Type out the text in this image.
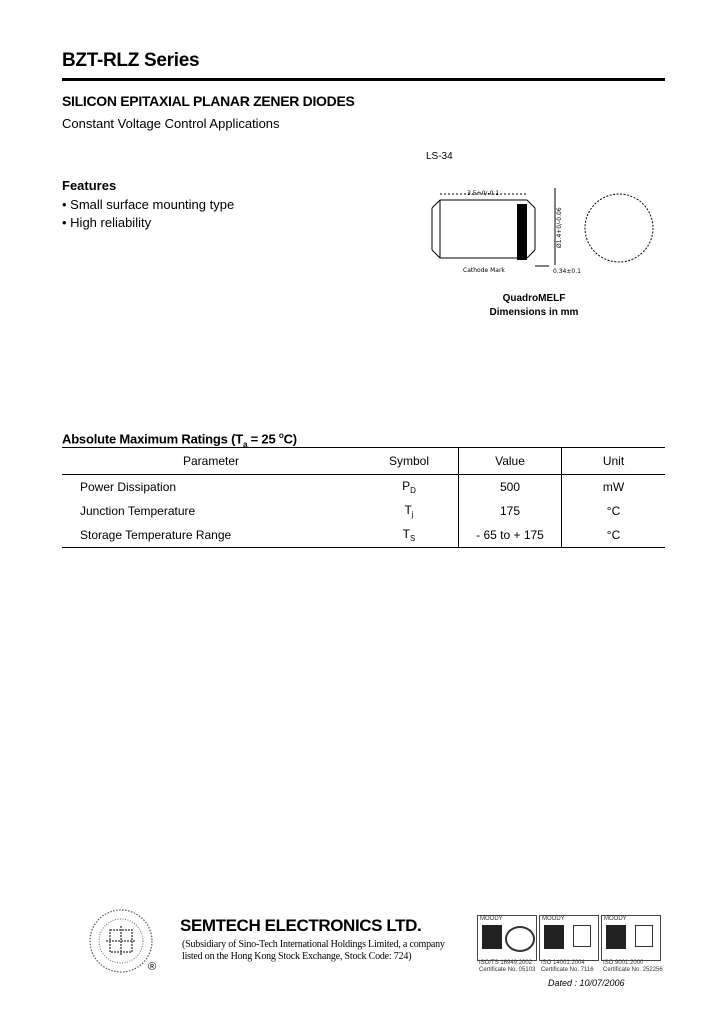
BZT-RLZ Series
SILICON EPITAXIAL PLANAR ZENER DIODES
Constant Voltage Control Applications
Features
• Small surface mounting type
• High reliability
LS-34
3.5+0/-0.1
Cathode Mark	0.34±0.1
Ø1.4+0/-0.06
QuadroMELF
Dimensions in mm
Absolute Maximum Ratings ($T_a = 25$ $^o$C)
Parameter	Symbol	Value	Unit
Power Dissipation	$P_D$	500	mW
Junction Temperature	$T_j$	175	°C
Storage Temperature Range	$T_S$	- 65 to + 175	°C
®
SEMTECH ELECTRONICS LTD.
(Subsidiary of Sino-Tech International Holdings Limited, a company
listed on the Hong Kong Stock Exchange, Stock Code: 724)
MOODY	MOODY	MOODY
ISO/TS 16949:2002
Certificate No. 05103
ISO 14001:2004
Certificate No. 7116
ISO 9001:2000
Certificate No. 252256
Dated : 10/07/2006
